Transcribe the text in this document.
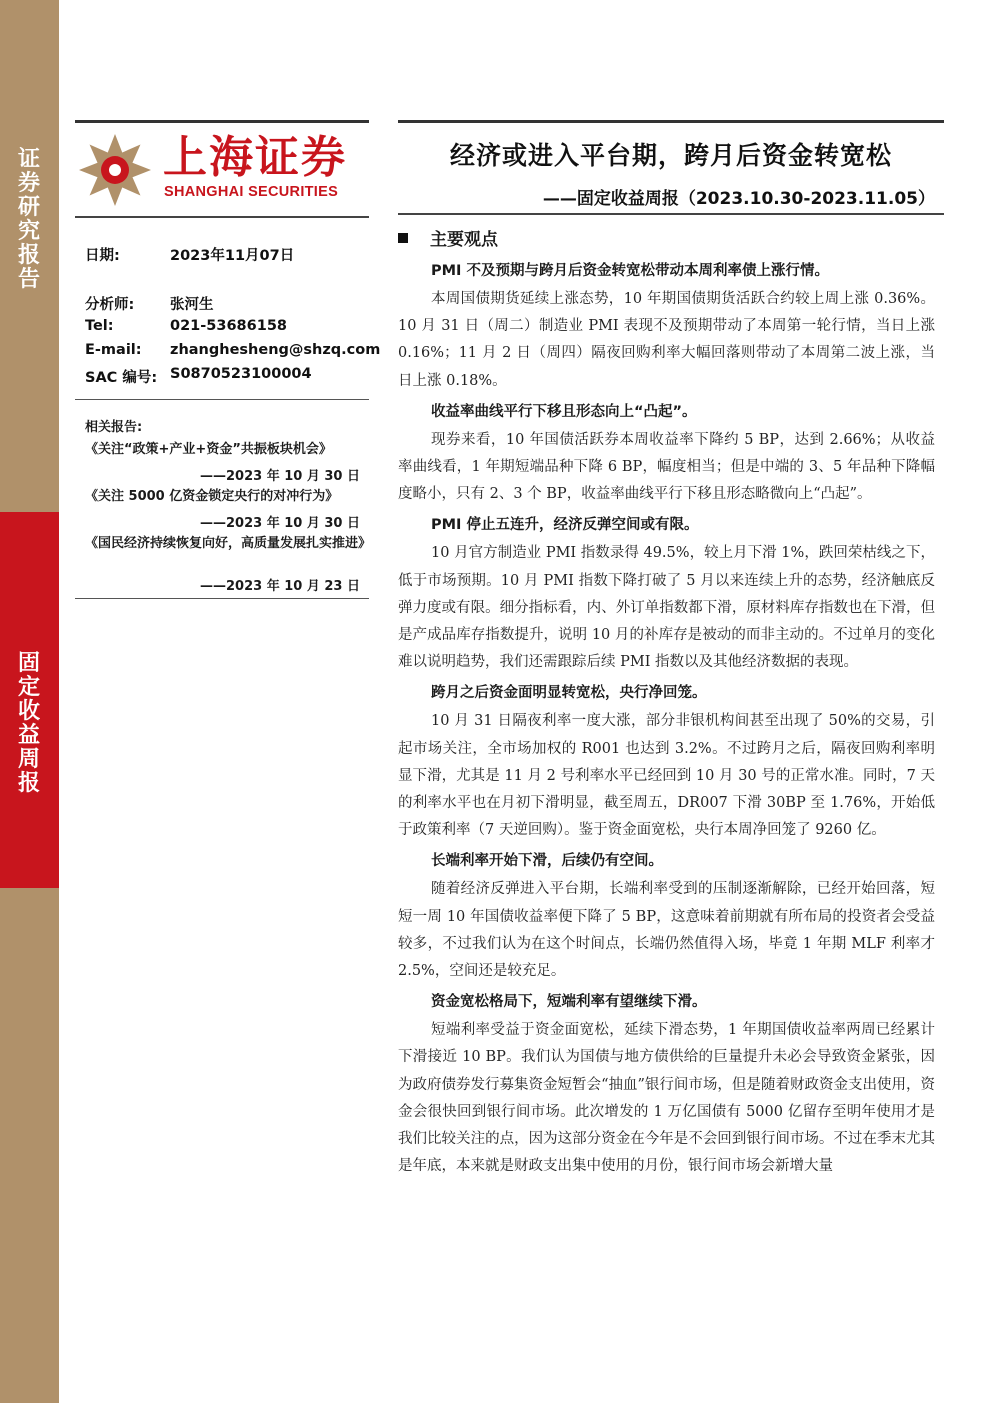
证
券
研
究
报
告
固
定
收
益
周
报
上海证券
SHANGHAI SECURITIES
经济或进入平台期，跨月后资金转宽松
——固定收益周报（2023.10.30-2023.11.05）
日期:	2023年11月07日
分析师: 张河生
Tel:	021-53686158
E-mail: zhanghesheng@shzq.com
SAC 编号: S0870523100004
相关报告:
《关注“政策+产业+资金”共振板块机会》
——2023 年 10 月 30 日
《关注 5000 亿资金锁定央行的对冲行为》
——2023 年 10 月 30 日
《国民经济持续恢复向好，高质量发展扎实推进》
——2023 年 10 月 23 日
主要观点
PMI 不及预期与跨月后资金转宽松带动本周利率债上涨行情。
本周国债期货延续上涨态势，10 年期国债期货活跃合约较上周上涨 0.36%。10 月 31 日（周二）制造业 PMI 表现不及预期带动了本周第一轮行情，当日上涨 0.16%；11 月 2 日（周四）隔夜回购利率大幅回落则带动了本周第二波上涨，当日上涨 0.18%。
收益率曲线平行下移且形态向上“凸起”。
现券来看，10 年国债活跃券本周收益率下降约 5 BP，达到 2.66%；从收益率曲线看，1 年期短端品种下降 6 BP，幅度相当；但是中端的 3、5 年品种下降幅度略小，只有 2、3 个 BP，收益率曲线平行下移且形态略微向上“凸起”。
PMI 停止五连升，经济反弹空间或有限。
10 月官方制造业 PMI 指数录得 49.5%，较上月下滑 1%，跌回荣枯线之下，低于市场预期。10 月 PMI 指数下降打破了 5 月以来连续上升的态势，经济触底反弹力度或有限。细分指标看，内、外订单指数都下滑，原材料库存指数也在下滑，但是产成品库存指数提升，说明 10 月的补库存是被动的而非主动的。不过单月的变化难以说明趋势，我们还需跟踪后续 PMI 指数以及其他经济数据的表现。
跨月之后资金面明显转宽松，央行净回笼。
10 月 31 日隔夜利率一度大涨，部分非银机构间甚至出现了 50%的交易，引起市场关注，全市场加权的 R001 也达到 3.2%。不过跨月之后，隔夜回购利率明显下滑，尤其是 11 月 2 号利率水平已经回到 10 月 30 号的正常水准。同时，7 天的利率水平也在月初下滑明显，截至周五，DR007 下滑 30BP 至 1.76%，开始低于政策利率（7 天逆回购）。鉴于资金面宽松，央行本周净回笼了 9260 亿。
长端利率开始下滑，后续仍有空间。
随着经济反弹进入平台期，长端利率受到的压制逐渐解除，已经开始回落，短短一周 10 年国债收益率便下降了 5 BP，这意味着前期就有所布局的投资者会受益较多，不过我们认为在这个时间点，长端仍然值得入场，毕竟 1 年期 MLF 利率才 2.5%，空间还是较充足。
资金宽松格局下，短端利率有望继续下滑。
短端利率受益于资金面宽松，延续下滑态势，1 年期国债收益率两周已经累计下滑接近 10 BP。我们认为国债与地方债供给的巨量提升未必会导致资金紧张，因为政府债券发行募集资金短暂会“抽血”银行间市场，但是随着财政资金支出使用，资金会很快回到银行间市场。此次增发的 1 万亿国债有 5000 亿留存至明年使用才是我们比较关注的点，因为这部分资金在今年是不会回到银行间市场。不过在季末尤其是年底，本来就是财政支出集中使用的月份，银行间市场会新增大量
